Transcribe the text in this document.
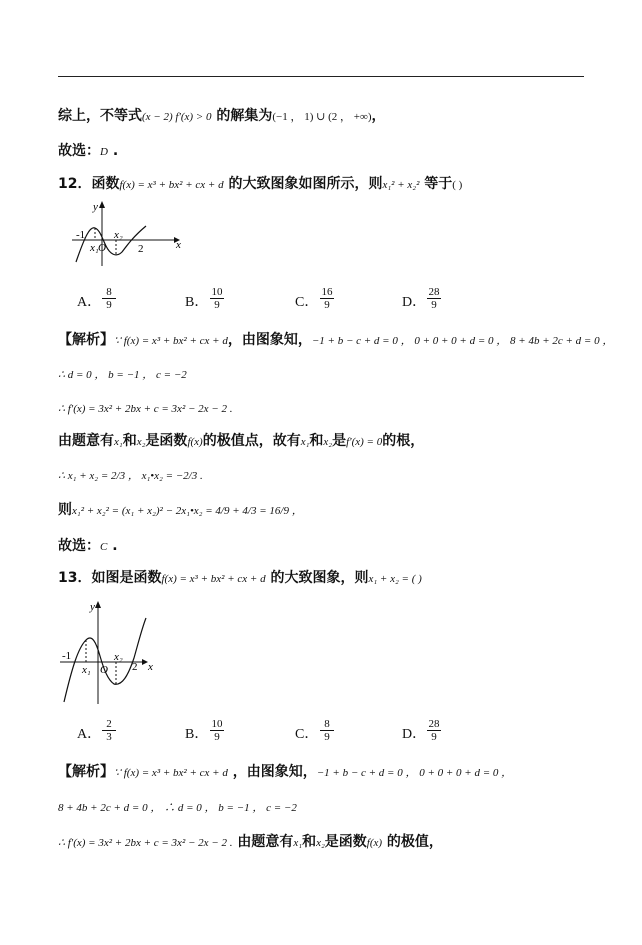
综上，不等式(x − 2) f′(x) > 0 的解集为(−1 ， 1) ∪ (2 ， +∞)，
故选：D .
12．函数f(x) = x³ + bx² + cx + d 的大致图象如图所示，则x₁² + x₂² 等于( )
y
x
-1
x₁ O
x₂
2
A． $\frac{8}{9}$	B． $\frac{10}{9}$	C． $\frac{16}{9}$	D． $\frac{28}{9}$
【解析】∵ f(x) = x³ + bx² + cx + d，由图象知，−1 + b − c + d = 0 ， 0 + 0 + 0 + d = 0 ， 8 + 4b + 2c + d = 0 ，
∴ d = 0 ， b = −1 ， c = −2
∴ f′(x) = 3x² + 2bx + c = 3x² − 2x − 2 .
由题意有x₁和x₂是函数f(x)的极值点，故有x₁和x₂是f′(x) = 0的根，
∴ x₁ + x₂ = 2/3 ， x₁•x₂ = −2/3 .
则x₁² + x₂² = (x₁ + x₂)² − 2x₁•x₂ = 4/9 + 4/3 = 16/9 ，
故选：C .
13．如图是函数f(x) = x³ + bx² + cx + d 的大致图象，则x₁ + x₂ = ( )
y
x
-1
x₁ O
x₂
2
A． $\frac{2}{3}$	B． $\frac{10}{9}$	C． $\frac{8}{9}$	D． $\frac{28}{9}$
【解析】∵ f(x) = x³ + bx² + cx + d ，由图象知，−1 + b − c + d = 0 ， 0 + 0 + 0 + d = 0 ，
8 + 4b + 2c + d = 0 ， ∴ d = 0 ， b = −1 ， c = −2
∴ f′(x) = 3x² + 2bx + c = 3x² − 2x − 2 . 由题意有x₁和x₂是函数f(x) 的极值，
